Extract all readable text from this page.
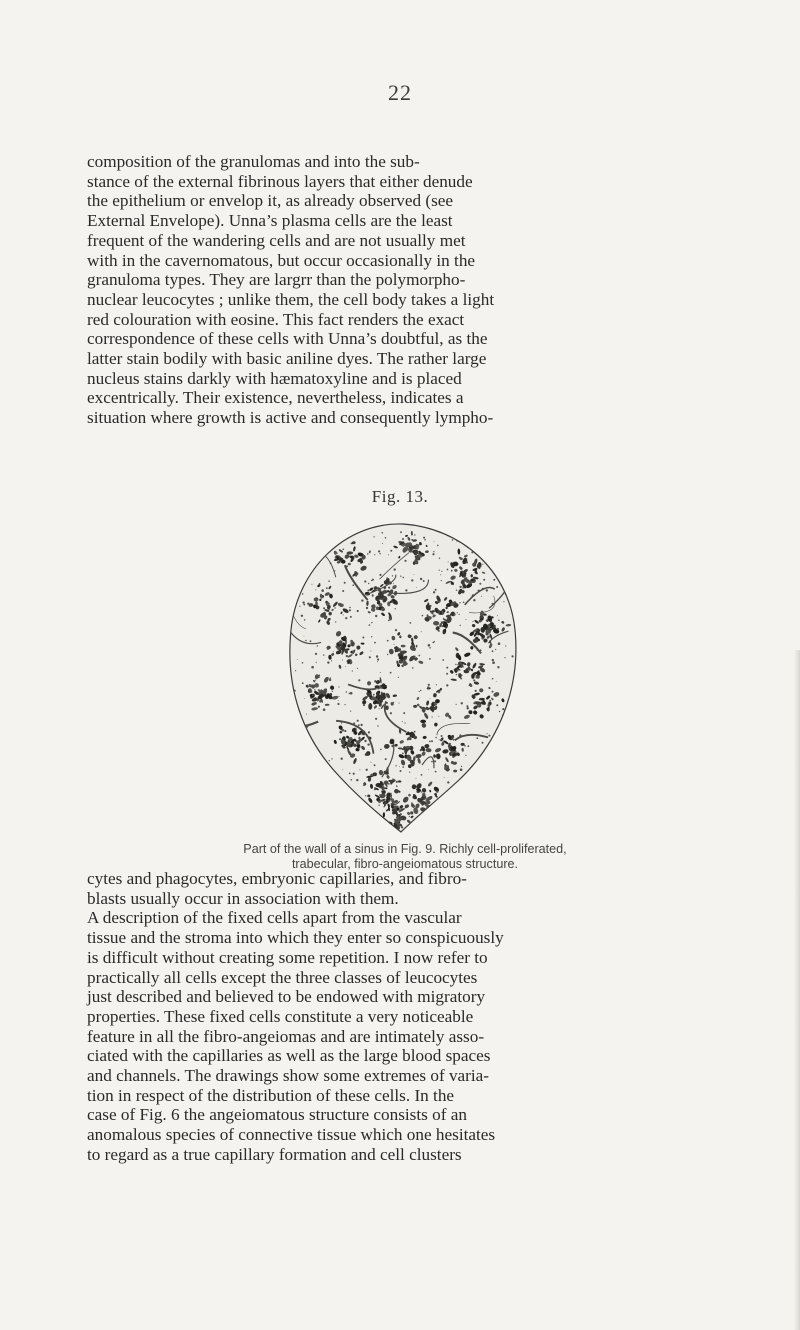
22
composition of the granulomas and into the sub-
stance of the external fibrinous layers that either denude
the epithelium or envelop it, as already observed (see
External Envelope). Unna’s plasma cells are the least
frequent of the wandering cells and are not usually met
with in the cavernomatous, but occur occasionally in the
granuloma types. They are largrr than the polymorpho-
nuclear leucocytes ; unlike them, the cell body takes a light
red colouration with eosine. This fact renders the exact
correspondence of these cells with Unna’s doubtful, as the
latter stain bodily with basic aniline dyes. The rather large
nucleus stains darkly with hæmatoxyline and is placed
excentrically. Their existence, nevertheless, indicates a
situation where growth is active and consequently lympho-
Fig. 13.
Part of the wall of a sinus in Fig. 9. Richly cell-proliferated,
trabecular, fibro-angeiomatous structure.
cytes and phagocytes, embryonic capillaries, and fibro-
blasts usually occur in association with them.
A description of the fixed cells apart from the vascular
tissue and the stroma into which they enter so conspicuously
is difficult without creating some repetition. I now refer to
practically all cells except the three classes of leucocytes
just described and believed to be endowed with migratory
properties. These fixed cells constitute a very noticeable
feature in all the fibro-angeiomas and are intimately asso-
ciated with the capillaries as well as the large blood spaces
and channels. The drawings show some extremes of varia-
tion in respect of the distribution of these cells. In the
case of Fig. 6 the angeiomatous structure consists of an
anomalous species of connective tissue which one hesitates
to regard as a true capillary formation and cell clusters
